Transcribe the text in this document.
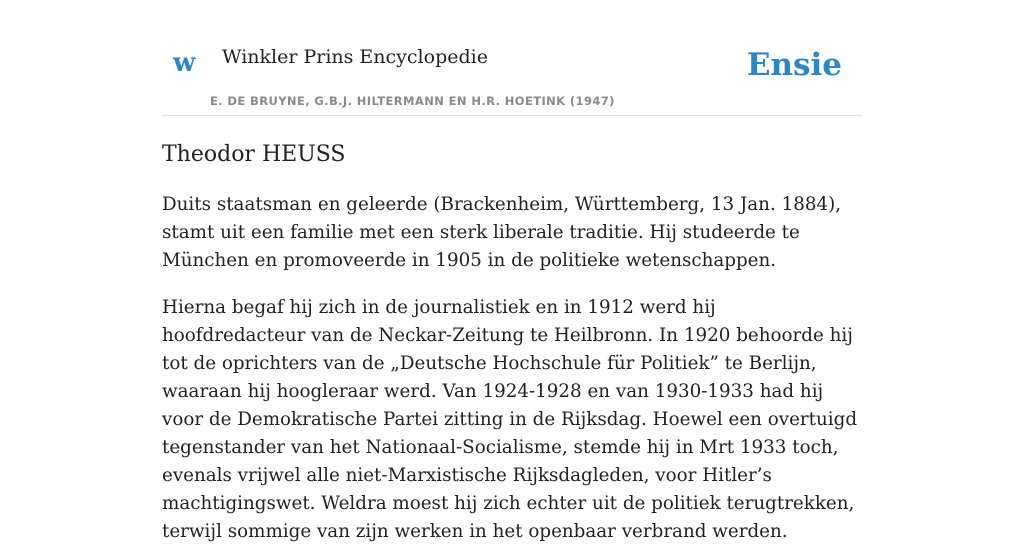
w Winkler Prins Encyclopedie
E. DE BRUYNE, G.B.J. HILTERMANN EN H.R. HOETINK (1947)
Ensie
Theodor HEUSS

Duits staatsman en geleerde (Brackenheim, Württemberg, 13 Jan. 1884), stamt uit een familie met een sterk liberale traditie. Hij studeerde te München en promoveerde in 1905 in de politieke wetenschappen.

Hierna begaf hij zich in de journalistiek en in 1912 werd hij hoofdredacteur van de Neckar-Zeitung te Heilbronn. In 1920 behoorde hij tot de oprichters van de „Deutsche Hochschule für Politiek” te Berlijn, waaraan hij hoogleraar werd. Van 1924-1928 en van 1930-1933 had hij voor de Demokratische Partei zitting in de Rijksdag. Hoewel een overtuigd tegenstander van het Nationaal-Socialisme, stemde hij in Mrt 1933 toch, evenals vrijwel alle niet-Marxistische Rijksdagleden, voor Hitler’s machtigingswet. Weldra moest hij zich echter uit de politiek terugtrekken, terwijl sommige van zijn werken in het openbaar verbrand werden.
